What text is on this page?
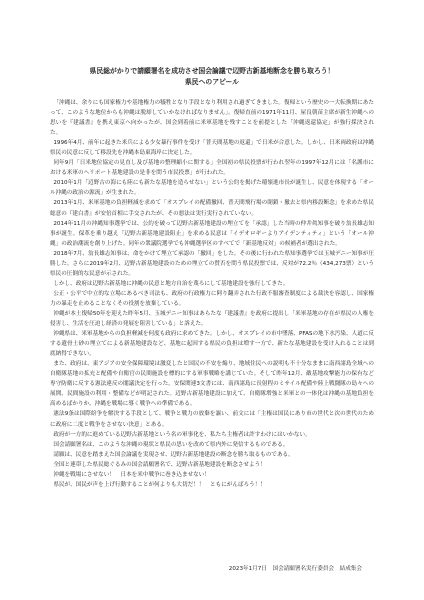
県民総がかりで請願署名を成功させ国会論議で辺野古新基地断念を勝ち取ろう！
県民へのアピール

「沖縄は、余りにも国家権力や基地権力の犠牲となり手段となり利用され過ぎてきました。復帰という歴史の一大転換期にあたって、このような地位からも沖縄は脱却していかなければなりません」。復帰直前の1971年11月、屋良朝苗主席が新生沖縄への思いを『建議書』を携え東京へ向かったが、国会到着前に米軍基地を残すことを前提とした「沖縄返還協定」が強行採決された。

1996年4月、前年に起きた米兵による少女暴行事件を受け「普天間基地の返還」で日米が合意した。しかし、日米両政府は沖縄県民の民意に反して移設先を沖縄本島東海岸に決定した。

同年9月「日米地位協定の見直し及び基地の整理縮小に関する」全国初の県民投票が行われ翌年の1997年12月には「名護市における米軍のヘリポート基地建設の是非を問う市民投票」が行われた。

2010年1月「辺野古の海にも陸にも新たな基地を造らせない」という公約を掲げた稲嶺進市長が誕生し、民意を体現する「オール沖縄の政治の源流」が生まれた。

2013年1月、米軍基地の負担軽減を求めて「オスプレイの配備撤回、普天間飛行場の閉鎖・撤去と県内移設断念」を求めた県民総意の『建白書』が安倍首相に手交されたが、その悪法は実行実行されていない。

2014年11月の沖縄知事選挙では、公約を破って辺野古新基地建設の埋立てを「承認」した当時の仲井眞知事を破り翁長雄志知事が誕生。保革を乗り越え「辺野古新基地建設阻止」を求める民意は「イデオロギーよりアイデンティティ」という「オール沖縄」の政治潮流を創り上げた。同年の衆議院選挙でも沖縄選挙区のすべてで「新基地反対」の候補者が選出された。

2018年7月、翁長雄志知事は、命をかけて埋立て承認の「撤回」をした。その後に行われた県知事選挙では玉城デニー知事が圧勝した。さらに2019年2月、辺野古新基地建設のための埋立ての賛否を問う県民投票では、反対が72.2％（434,273票）という県民の圧倒的な民意が示された。

しかし、政府は辺野古新基地に沖縄の民意と地方自治を蔑ろにして基地建設を強行してきた。

公正・公平で中立的な立場にあるべき司法も、政府の行政権力に阿り翻弄された行政不服審査制度による裁決を容認し、国家権力の暴走を止めることなくその役割を放棄している。

沖縄が本土復帰50年を迎えた昨年5月、玉城デニー知事はあらたな『建議書』を政府に提出し「米軍基地の存在が県民の人権を侵害し、生活を圧迫し経済の発展を阻害している」と訴えた。

沖縄県は、米軍基地からの負担軽減を何度も政府に求めてきた。しかし、オスプレイの市中墜落、PFASの地下水汚染、人道に反する遺骨土砂の埋立てによる新基地建設など、基地に起因する県民の負担は増す一方で、新たな基地建設を受け入れることは到底納得できない。

また、政府は、東アジアの安全保障環境は激変したと国民の不安を煽り、地域住民への説明も不十分なままに南西諸島全域への自衛隊基地の拡充と配備や自衛官の民間施設を標的にする軍事戦略を講じていた。そして昨年12月、敵基地攻撃能力の保有など専守防衛に反する憲法違反の閣議決定を行った。安保関連3文書には、南西諸島に長射程のミサイル配備や陸上戦闘隊の島々への展開、民間施設の利用・整備などが明記された。辺野古新基地建設に加えて、自衛隊増強と米軍との一体化は沖縄の基地負担を高めるばかりか、沖縄を戦場に導く戦争への準備である。

憲法9条は国際紛争を解決する手段として、戦争と戦力の放棄を謳い、前文には「主権は国民にあり市の世代と次の世代のために政府に二度と戦争をさせない決意」とある。

政府が一方的に進めている辺野古新基地という名の軍事化を、私たち主権者は許すわけにはいかない。

国会請願署名は、このような沖縄の現状と県民の思いを改めて県内外に発信するものである。

請願は、民意を踏まえた国会論議を実現させ、辺野古新基地建設の断念を勝ち取るものである。

全国と連帯した県民総ぐるみの国会請願署名で、辺野古新基地建設を断念させよう！

沖縄を戦場にさせない！　日本を米中戦争に巻き込ませない！

県民が、国民が声を上げ行動することが何よりも大切だ！！　ともにがんばろう！！

2023年1月7日　国会請願署名実行委員会　結成集会
